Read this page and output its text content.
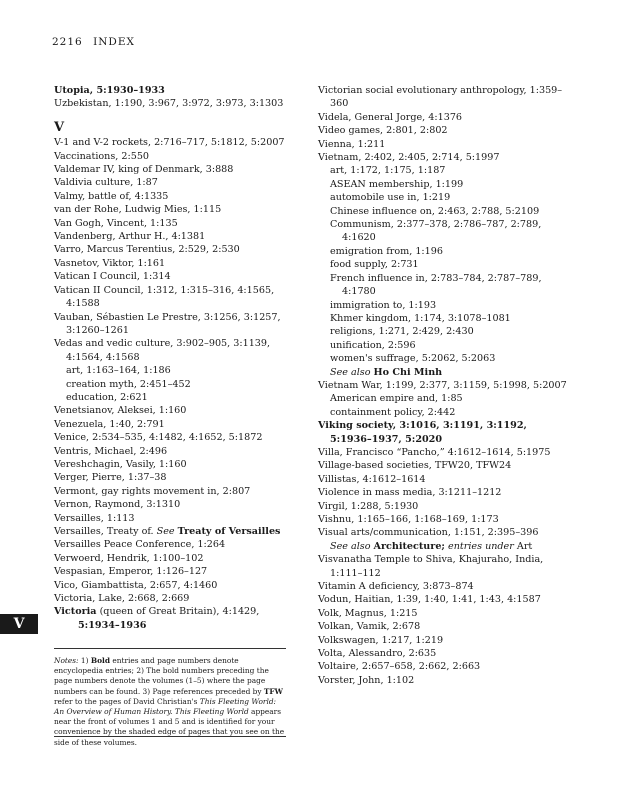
2216 INDEX

Utopia, 5:1930–1933

Uzbekistan, 1:190, 3:967, 3:972, 3:973, 3:1303

V

V-1 and V-2 rockets, 2:716–717, 5:1812, 5:2007

Vaccinations, 2:550

Valdemar IV, king of Denmark, 3:888

Valdivia culture, 1:87

Valmy, battle of, 4:1335

van der Rohe, Ludwig Mies, 1:115

Van Gogh, Vincent, 1:135

Vandenberg, Arthur H., 4:1381

Varro, Marcus Terentius, 2:529, 2:530

Vasnetov, Viktor, 1:161

Vatican I Council, 1:314

Vatican II Council, 1:312, 1:315–316, 4:1565, 4:1588

Vauban, Sébastien Le Prestre, 3:1256, 3:1257, 3:1260–1261

Vedas and vedic culture, 3:902–905, 3:1139, 4:1564, 4:1568

art, 1:163–164, 1:186

creation myth, 2:451–452

education, 2:621

Venetsianov, Aleksei, 1:160

Venezuela, 1:40, 2:791

Venice, 2:534–535, 4:1482, 4:1652, 5:1872

Ventris, Michael, 2:496

Vereshchagin, Vasily, 1:160

Verger, Pierre, 1:37–38

Vermont, gay rights movement in, 2:807

Vernon, Raymond, 3:1310

Versailles, 1:113

Versailles, Treaty of. See Treaty of Versailles

Versailles Peace Conference, 1:264

Verwoerd, Hendrik, 1:100–102

Vespasian, Emperor, 1:126–127

Vico, Giambattista, 2:657, 4:1460

Victoria, Lake, 2:668, 2:669

Victoria (queen of Great Britain), 4:1429,

5:1934–1936

V
Notes: 1) Bold entries and page numbers denote encyclopedia entries; 2) The bold numbers preceding the page numbers denote the volumes (1–5) where the page numbers can be found. 3) Page references preceded by TFW refer to the pages of David Christian's This Fleeting World: An Overview of Human History. This Fleeting World appears near the front of volumes 1 and 5 and is identified for your convenience by the shaded edge of pages that you see on the side of these volumes.

Victorian social evolutionary anthropology, 1:359–360

Videla, General Jorge, 4:1376

Video games, 2:801, 2:802

Vienna, 1:211

Vietnam, 2:402, 2:405, 2:714, 5:1997

art, 1:172, 1:175, 1:187

ASEAN membership, 1:199

automobile use in, 1:219

Chinese influence on, 2:463, 2:788, 5:2109

Communism, 2:377–378, 2:786–787, 2:789, 4:1620

emigration from, 1:196

food supply, 2:731

French influence in, 2:783–784, 2:787–789, 4:1780

immigration to, 1:193

Khmer kingdom, 1:174, 3:1078–1081

religions, 1:271, 2:429, 2:430

unification, 2:596

women's suffrage, 5:2062, 5:2063

See also Ho Chi Minh

Vietnam War, 1:199, 2:377, 3:1159, 5:1998, 5:2007

American empire and, 1:85

containment policy, 2:442

Viking society, 3:1016, 3:1191, 3:1192, 5:1936–1937, 5:2020

Villa, Francisco “Pancho,” 4:1612–1614, 5:1975

Village-based societies, TFW20, TFW24

Villistas, 4:1612–1614

Violence in mass media, 3:1211–1212

Virgil, 1:288, 5:1930

Vishnu, 1:165–166, 1:168–169, 1:173

Visual arts/communication, 1:151, 2:395–396

See also Architecture; entries under Art

Visvanatha Temple to Shiva, Khajuraho, India, 1:111–112

Vitamin A deficiency, 3:873–874

Vodun, Haitian, 1:39, 1:40, 1:41, 1:43, 4:1587

Volk, Magnus, 1:215

Volkan, Vamik, 2:678

Volkswagen, 1:217, 1:219

Volta, Alessandro, 2:635

Voltaire, 2:657–658, 2:662, 2:663

Vorster, John, 1:102
